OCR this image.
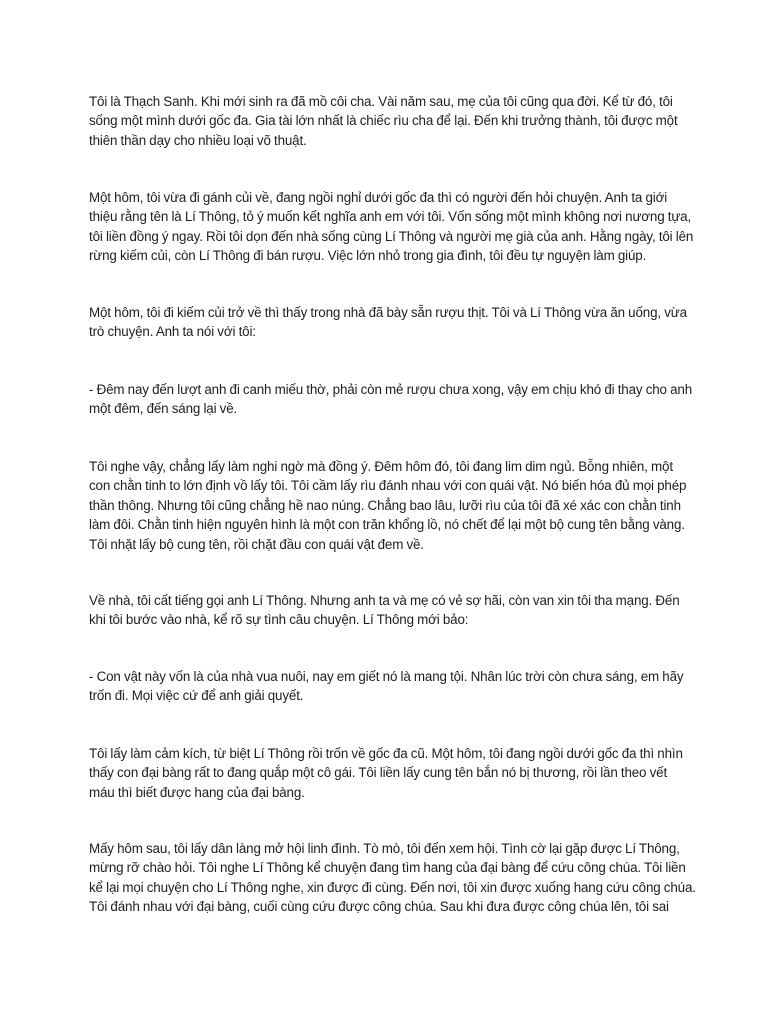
Tôi là Thạch Sanh. Khi mới sinh ra đã mồ côi cha. Vài năm sau, mẹ của tôi cũng qua đời. Kể từ đó, tôi
sống một mình dưới gốc đa. Gia tài lớn nhất là chiếc rìu cha để lại. Đến khi trưởng thành, tôi được một
thiên thần dạy cho nhiều loại võ thuật.

Một hôm, tôi vừa đi gánh củi về, đang ngồi nghỉ dưới gốc đa thì có người đến hỏi chuyện. Anh ta giới
thiệu rằng tên là Lí Thông, tỏ ý muốn kết nghĩa anh em với tôi. Vốn sống một mình không nơi nương tựa,
tôi liền đồng ý ngay. Rồi tôi dọn đến nhà sống cùng Lí Thông và người mẹ già của anh. Hằng ngày, tôi lên
rừng kiếm củi, còn Lí Thông đi bán rượu. Việc lớn nhỏ trong gia đình, tôi đều tự nguyện làm giúp.

Một hôm, tôi đi kiếm củi trở về thì thấy trong nhà đã bày sẵn rượu thịt. Tôi và Lí Thông vừa ăn uống, vừa
trò chuyện. Anh ta nói với tôi:

- Đêm nay đến lượt anh đi canh miếu thờ, phải còn mẻ rượu chưa xong, vậy em chịu khó đi thay cho anh
một đêm, đến sáng lại về.

Tôi nghe vậy, chẳng lấy làm nghi ngờ mà đồng ý. Đêm hôm đó, tôi đang lim dim ngủ. Bỗng nhiên, một
con chằn tinh to lớn định vồ lấy tôi. Tôi cầm lấy rìu đánh nhau với con quái vật. Nó biến hóa đủ mọi phép
thần thông. Nhưng tôi cũng chẳng hề nao núng. Chẳng bao lâu, lưỡi rìu của tôi đã xé xác con chằn tinh
làm đôi. Chằn tinh hiện nguyên hình là một con trăn khổng lồ, nó chết để lại một bộ cung tên bằng vàng.
Tôi nhặt lấy bộ cung tên, rồi chặt đầu con quái vật đem về.

Về nhà, tôi cất tiếng gọi anh Lí Thông. Nhưng anh ta và mẹ có vẻ sợ hãi, còn van xin tôi tha mạng. Đến
khi tôi bước vào nhà, kể rõ sự tình câu chuyện. Lí Thông mới bảo:

- Con vật này vốn là của nhà vua nuôi, nay em giết nó là mang tội. Nhân lúc trời còn chưa sáng, em hãy
trốn đi. Mọi việc cứ để anh giải quyết.

Tôi lấy làm cảm kích, từ biệt Lí Thông rồi trốn về gốc đa cũ. Một hôm, tôi đang ngồi dưới gốc đa thì nhìn
thấy con đại bàng rất to đang quắp một cô gái. Tôi liền lấy cung tên bắn nó bị thương, rồi lần theo vết
máu thì biết được hang của đại bàng.

Mấy hôm sau, tôi lấy dân làng mở hội linh đình. Tò mò, tôi đến xem hội. Tình cờ lại gặp được Lí Thông,
mừng rỡ chào hỏi. Tôi nghe Lí Thông kể chuyện đang tìm hang của đại bàng để cứu công chúa. Tôi liền
kể lại mọi chuyện cho Lí Thông nghe, xin được đi cùng. Đến nơi, tôi xin được xuống hang cứu công chúa.
Tôi đánh nhau với đại bàng, cuối cùng cứu được công chúa. Sau khi đưa được công chúa lên, tôi sai
